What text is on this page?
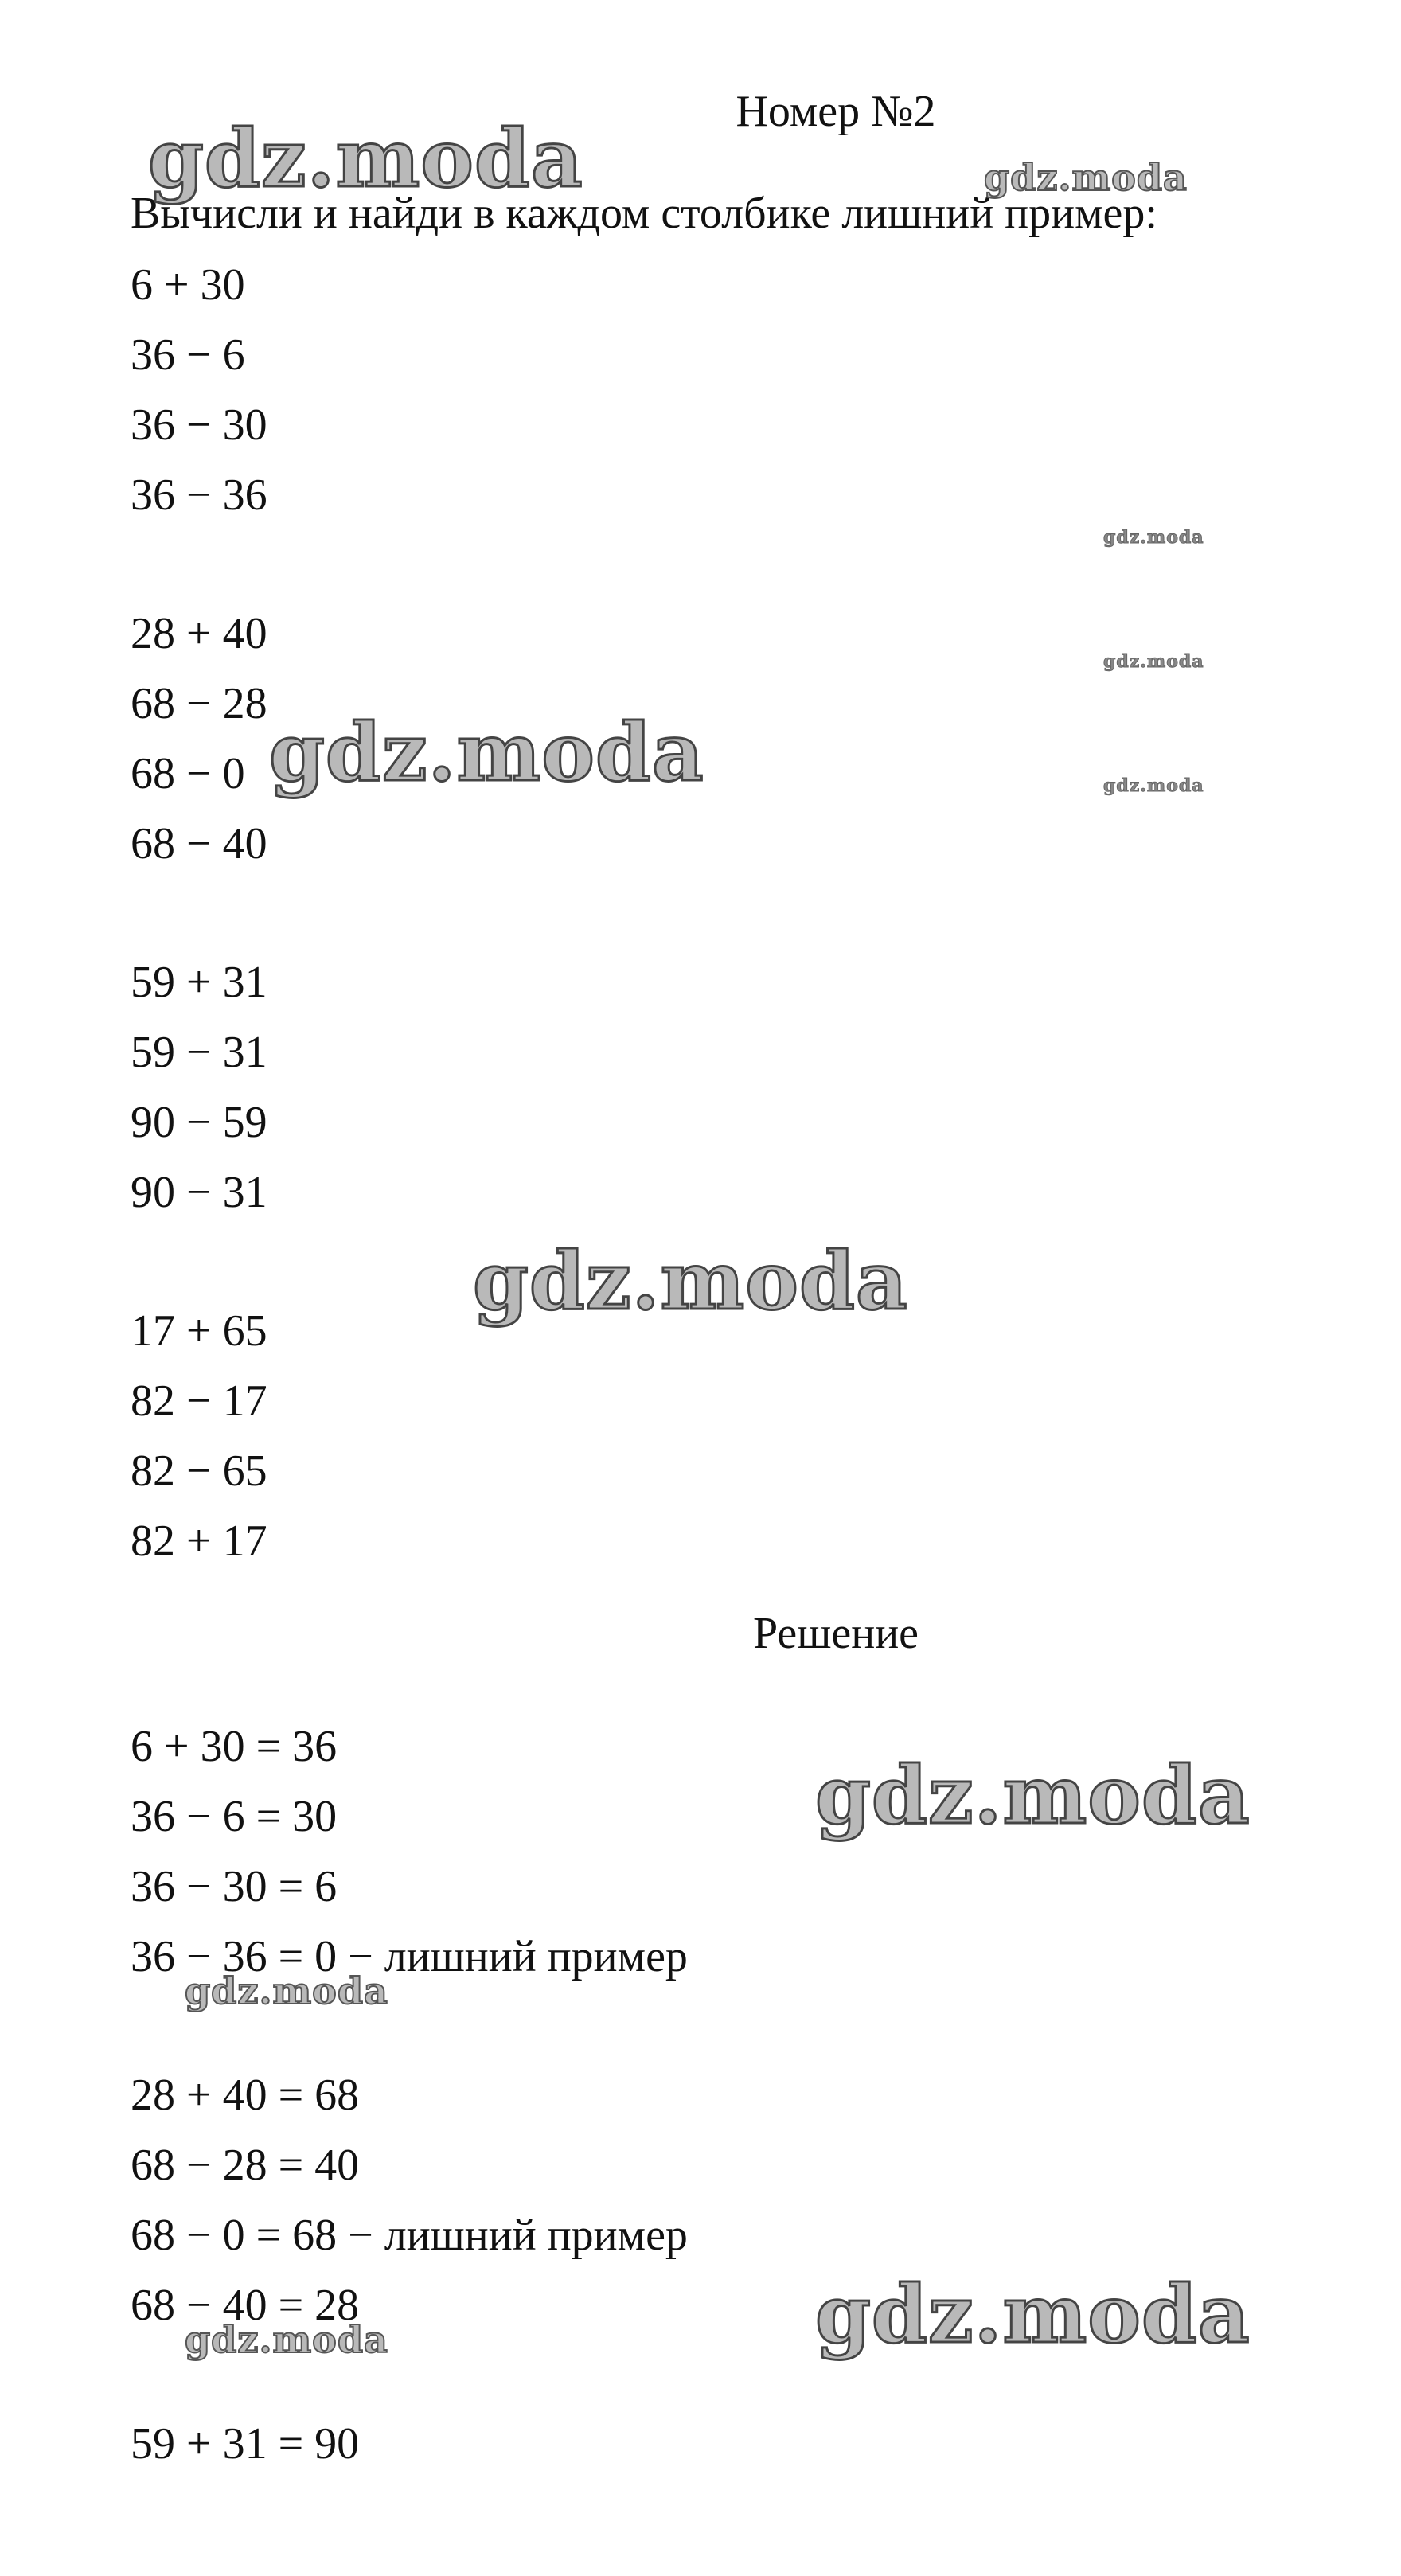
Номер №2
Вычисли и найди в каждом столбике лишний пример:
6 + 30
36 − 6
36 − 30
36 − 36
28 + 40
68 − 28
68 − 0
68 − 40
59 + 31
59 − 31
90 − 59
90 − 31
17 + 65
82 − 17
82 − 65
82 + 17
Решение
6 + 30 = 36
36 − 6 = 30
36 − 30 = 6
36 − 36 = 0 − лишний пример
28 + 40 = 68
68 − 28 = 40
68 − 0 = 68 − лишний пример
68 − 40 = 28
59 + 31 = 90
gdz.moda	gdz.moda
gdz.moda
gdz.moda
gdz.moda	gdz.moda
gdz.moda
gdz.moda
gdz.moda
gdz.moda	gdz.moda
